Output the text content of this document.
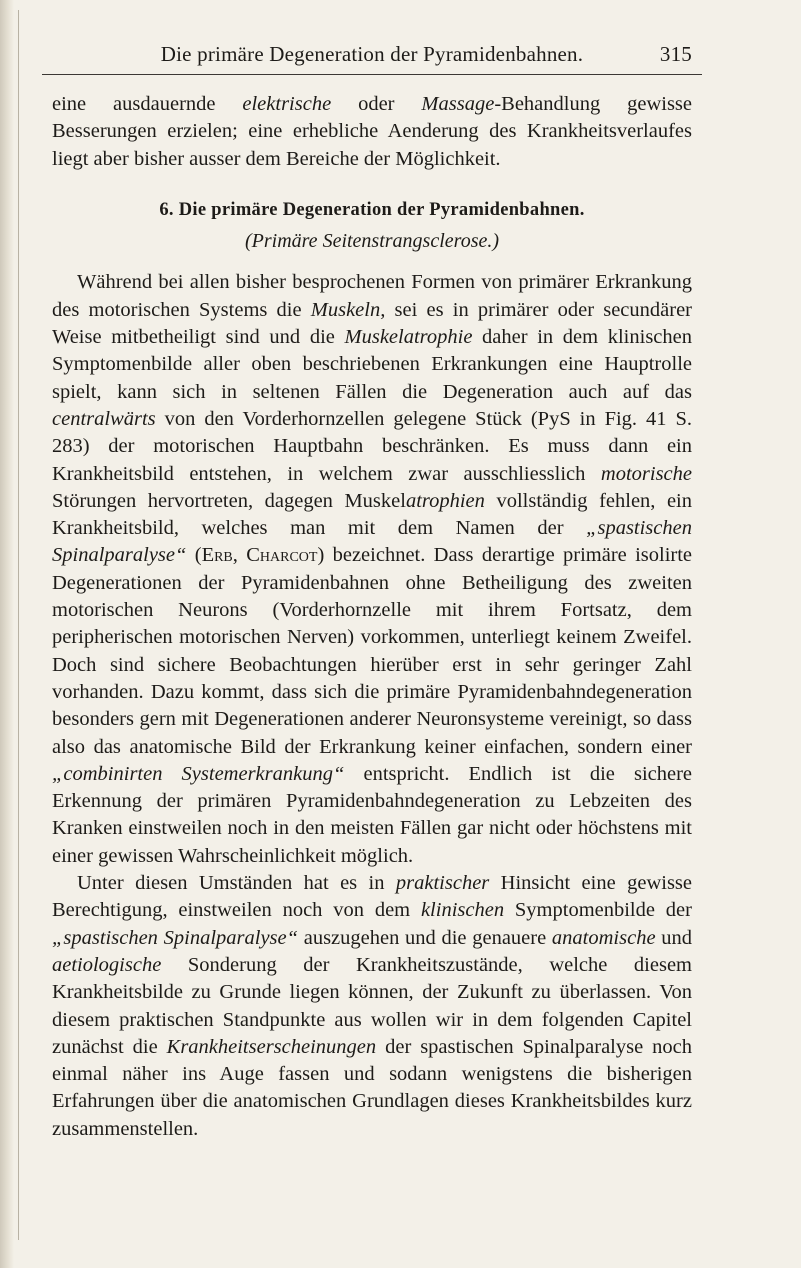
Die primäre Degeneration der Pyramidenbahnen.	315

eine ausdauernde elektrische oder Massage-Behandlung gewisse Besserungen erzielen; eine erhebliche Aenderung des Krankheitsverlaufes liegt aber bisher ausser dem Bereiche der Möglichkeit.

6. Die primäre Degeneration der Pyramidenbahnen.
(Primäre Seitenstrangsclerose.)

Während bei allen bisher besprochenen Formen von primärer Erkrankung des motorischen Systems die Muskeln, sei es in primärer oder secundärer Weise mitbetheiligt sind und die Muskelatrophie daher in dem klinischen Symptomenbilde aller oben beschriebenen Erkrankungen eine Hauptrolle spielt, kann sich in seltenen Fällen die Degeneration auch auf das centralwärts von den Vorderhornzellen gelegene Stück (PyS in Fig. 41 S. 283) der motorischen Hauptbahn beschränken. Es muss dann ein Krankheitsbild entstehen, in welchem zwar ausschliesslich motorische Störungen hervortreten, dagegen Muskelatrophien vollständig fehlen, ein Krankheitsbild, welches man mit dem Namen der „spastischen Spinalparalyse“ (Erb, Charcot) bezeichnet. Dass derartige primäre isolirte Degenerationen der Pyramidenbahnen ohne Betheiligung des zweiten motorischen Neurons (Vorderhornzelle mit ihrem Fortsatz, dem peripherischen motorischen Nerven) vorkommen, unterliegt keinem Zweifel. Doch sind sichere Beobachtungen hierüber erst in sehr geringer Zahl vorhanden. Dazu kommt, dass sich die primäre Pyramidenbahndegeneration besonders gern mit Degenerationen anderer Neuronsysteme vereinigt, so dass also das anatomische Bild der Erkrankung keiner einfachen, sondern einer „combinirten Systemerkrankung“ entspricht. Endlich ist die sichere Erkennung der primären Pyramidenbahndegeneration zu Lebzeiten des Kranken einstweilen noch in den meisten Fällen gar nicht oder höchstens mit einer gewissen Wahrscheinlichkeit möglich.

Unter diesen Umständen hat es in praktischer Hinsicht eine gewisse Berechtigung, einstweilen noch von dem klinischen Symptomenbilde der „spastischen Spinalparalyse“ auszugehen und die genauere anatomische und aetiologische Sonderung der Krankheitszustände, welche diesem Krankheitsbilde zu Grunde liegen können, der Zukunft zu überlassen. Von diesem praktischen Standpunkte aus wollen wir in dem folgenden Capitel zunächst die Krankheitserscheinungen der spastischen Spinalparalyse noch einmal näher ins Auge fassen und sodann wenigstens die bisherigen Erfahrungen über die anatomischen Grundlagen dieses Krankheitsbildes kurz zusammenstellen.
